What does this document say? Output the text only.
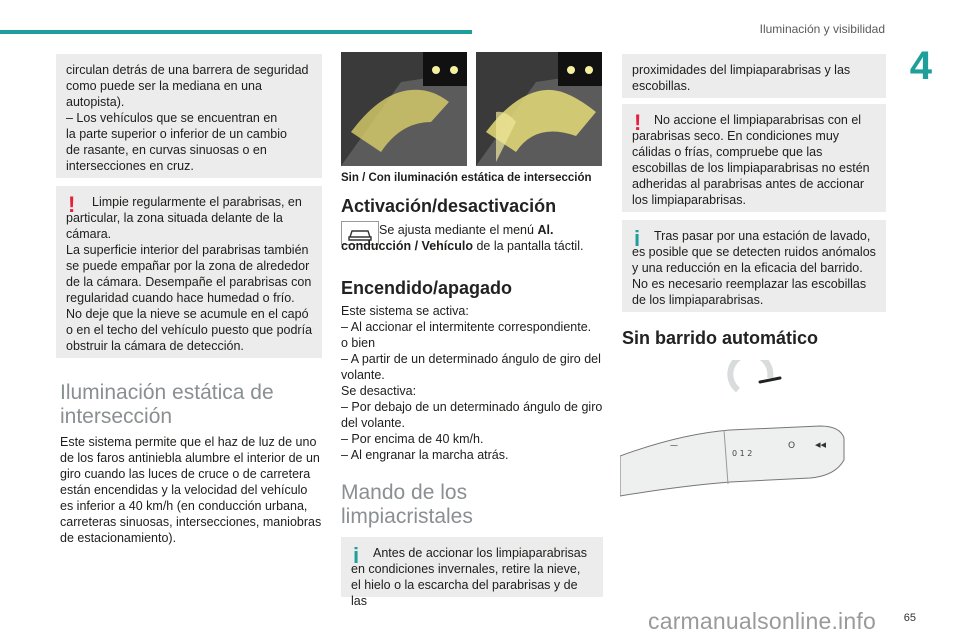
Iluminación y visibilidad
4

circulan detrás de una barrera de seguridad
como puede ser la mediana en una
autopista).
– Los vehículos que se encuentran en
la parte superior o inferior de un cambio
de rasante, en curvas sinuosas o en
intersecciones en cruz.

!	Limpie regularmente el parabrisas, en particular, la zona situada delante de la cámara.
La superficie interior del parabrisas también se puede empañar por la zona de alrededor de la cámara. Desempañe el parabrisas con regularidad cuando hace humedad o frío.
No deje que la nieve se acumule en el capó o en el techo del vehículo puesto que podría obstruir la cámara de detección.

Iluminación estática de
intersección
Este sistema permite que el haz de luz de uno
de los faros antiniebla alumbre el interior de un
giro cuando las luces de cruce o de carretera
están encendidas y la velocidad del vehículo
es inferior a 40 km/h (en conducción urbana,
carreteras sinuosas, intersecciones, maniobras
de estacionamiento).
Sin / Con iluminación estática de intersección
Activación/desactivación
Se ajusta mediante el menú Al. conducción / Vehículo de la pantalla táctil.
Encendido/apagado
Este sistema se activa:
– Al accionar el intermitente correspondiente.
o bien
– A partir de un determinado ángulo de giro del
volante.
Se desactiva:
– Por debajo de un determinado ángulo de giro
del volante.
– Por encima de 40 km/h.
– Al engranar la marcha atrás.
Mando de los
limpiacristales
i	Antes de accionar los limpiaparabrisas en condiciones invernales, retire la nieve, el hielo o la escarcha del parabrisas y de las

proximidades del limpiaparabrisas y las
escobillas.

!	No accione el limpiaparabrisas con el parabrisas seco. En condiciones muy cálidas o frías, compruebe que las escobillas de los limpiaparabrisas no estén adheridas al parabrisas antes de accionar los limpiaparabrisas.

i	Tras pasar por una estación de lavado, es posible que se detecten ruidos anómalos y una reducción en la eficacia del barrido. No es necesario reemplazar las escobillas de los limpiaparabrisas.

Sin barrido automático
⁓
0 1 2
O ◂◂
65
carmanualsonline.info
